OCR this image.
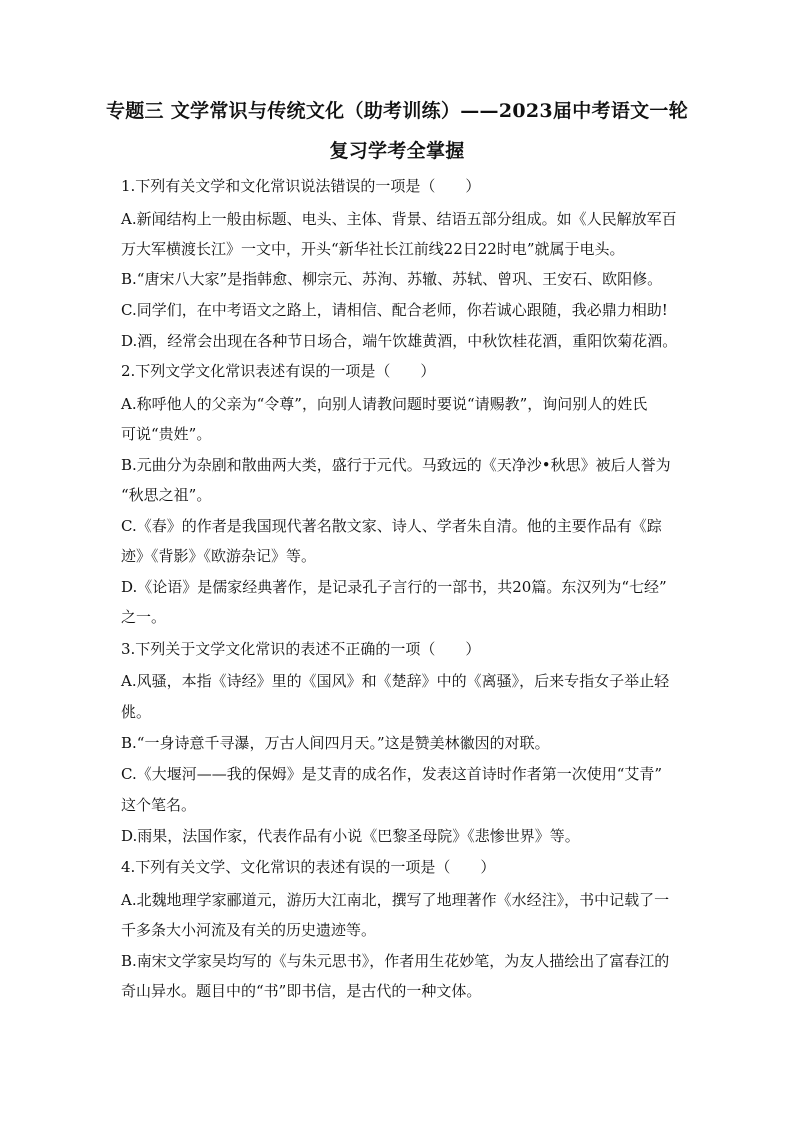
专题三 文学常识与传统文化（助考训练）——2023届中考语文一轮
复习学考全掌握
1.下列有关文学和文化常识说法错误的一项是（　　）
A.新闻结构上一般由标题、电头、主体、背景、结语五部分组成。如《人民解放军百
万大军横渡长江》一文中，开头“新华社长江前线22日22时电”就属于电头。
B.“唐宋八大家”是指韩愈、柳宗元、苏洵、苏辙、苏轼、曾巩、王安石、欧阳修。
C.同学们，在中考语文之路上，请相信、配合老师，你若诚心跟随，我必鼎力相助!
D.酒，经常会出现在各种节日场合，端午饮雄黄酒，中秋饮桂花酒，重阳饮菊花酒。
2.下列文学文化常识表述有误的一项是（　　）
A.称呼他人的父亲为“令尊”，向别人请教问题时要说“请赐教”，询问别人的姓氏
可说“贵姓”。
B.元曲分为杂剧和散曲两大类，盛行于元代。马致远的《天净沙•秋思》被后人誉为
“秋思之祖”。
C.《春》的作者是我国现代著名散文家、诗人、学者朱自清。他的主要作品有《踪
迹》《背影》《欧游杂记》等。
D.《论语》是儒家经典著作，是记录孔子言行的一部书，共20篇。东汉列为“七经”
之一。
3.下列关于文学文化常识的表述不正确的一项（　　）
A.风骚，本指《诗经》里的《国风》和《楚辞》中的《离骚》，后来专指女子举止轻
佻。
B.“一身诗意千寻瀑，万古人间四月天。”这是赞美林徽因的对联。
C.《大堰河——我的保姆》是艾青的成名作，发表这首诗时作者第一次使用“艾青”
这个笔名。
D.雨果，法国作家，代表作品有小说《巴黎圣母院》《悲惨世界》等。
4.下列有关文学、文化常识的表述有误的一项是（　　）
A.北魏地理学家郦道元，游历大江南北，撰写了地理著作《水经注》，书中记载了一
千多条大小河流及有关的历史遗迹等。
B.南宋文学家吴均写的《与朱元思书》，作者用生花妙笔，为友人描绘出了富春江的
奇山异水。题目中的“书”即书信，是古代的一种文体。
